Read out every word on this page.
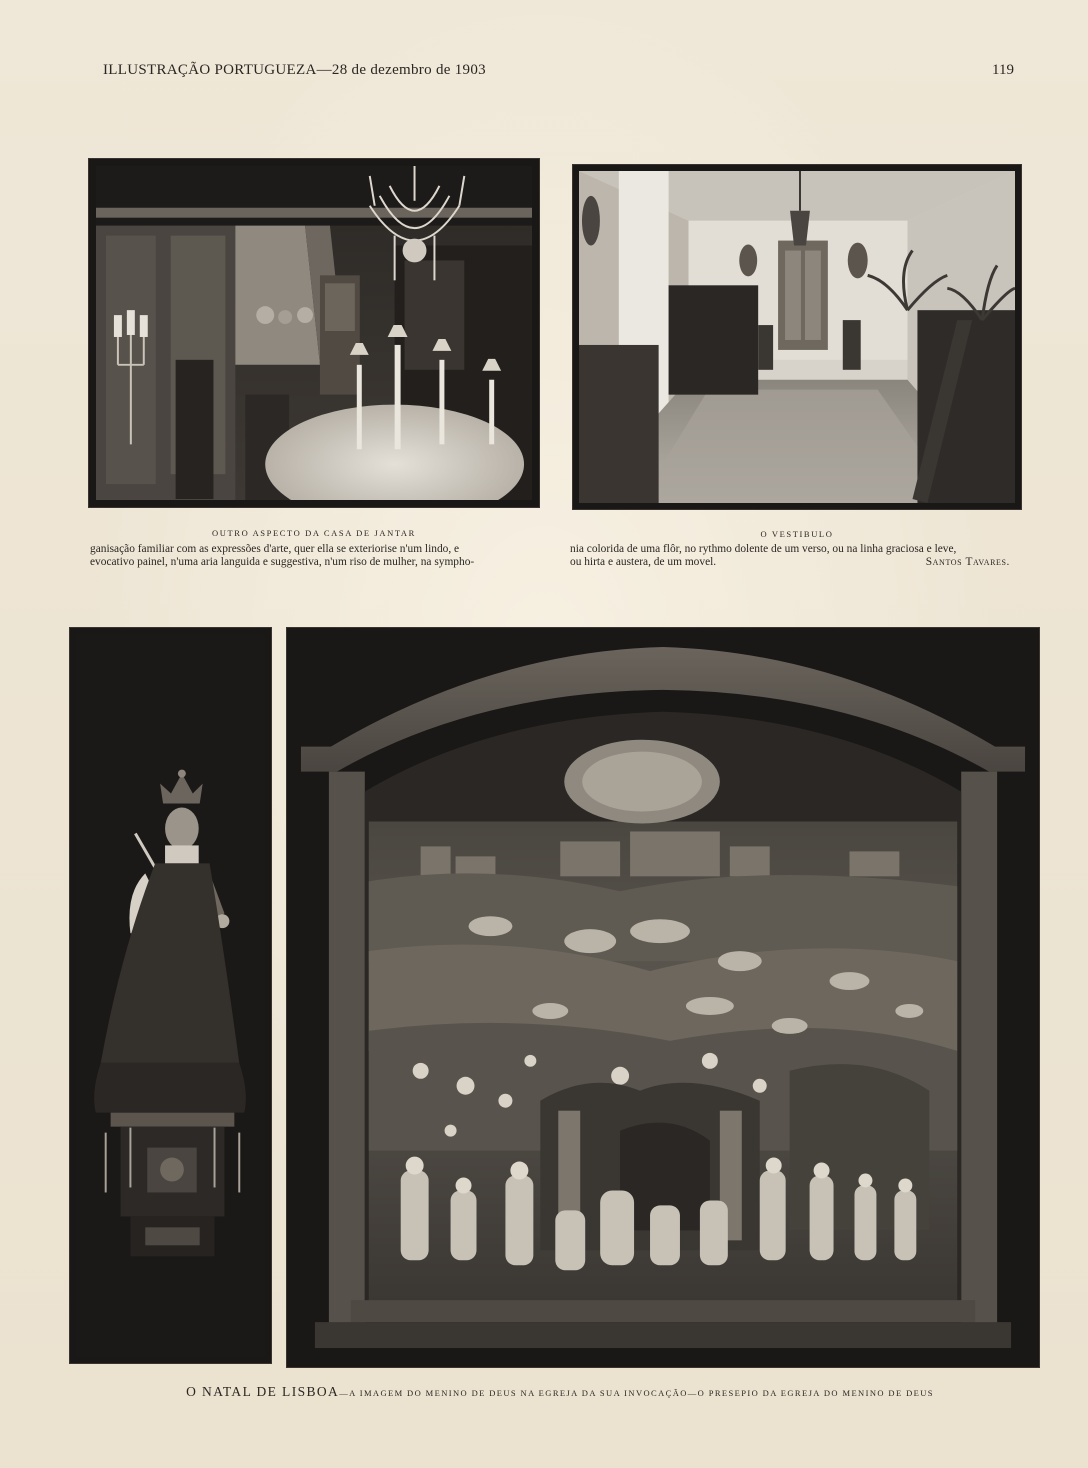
ILLUSTRAÇÃO PORTUGUEZA—28 de dezembro de 1903	119
OUTRO ASPECTO DA CASA DE JANTAR	O VESTIBULO
ganisação familiar com as expressões d'arte, quer ella se exteriorise n'um lindo, e
evocativo painel, n'uma aria languida e suggestiva, n'um riso de mulher, na sympho-
nia colorida de uma flôr, no rythmo dolente de um verso, ou na linha graciosa e leve,
ou hirta e austera, de um movel.	Santos Tavares.
O NATAL DE LISBOA—A IMAGEM DO MENINO DE DEUS NA EGREJA DA SUA INVOCAÇÃO—O PRESEPIO DA EGREJA DO MENINO DE DEUS
